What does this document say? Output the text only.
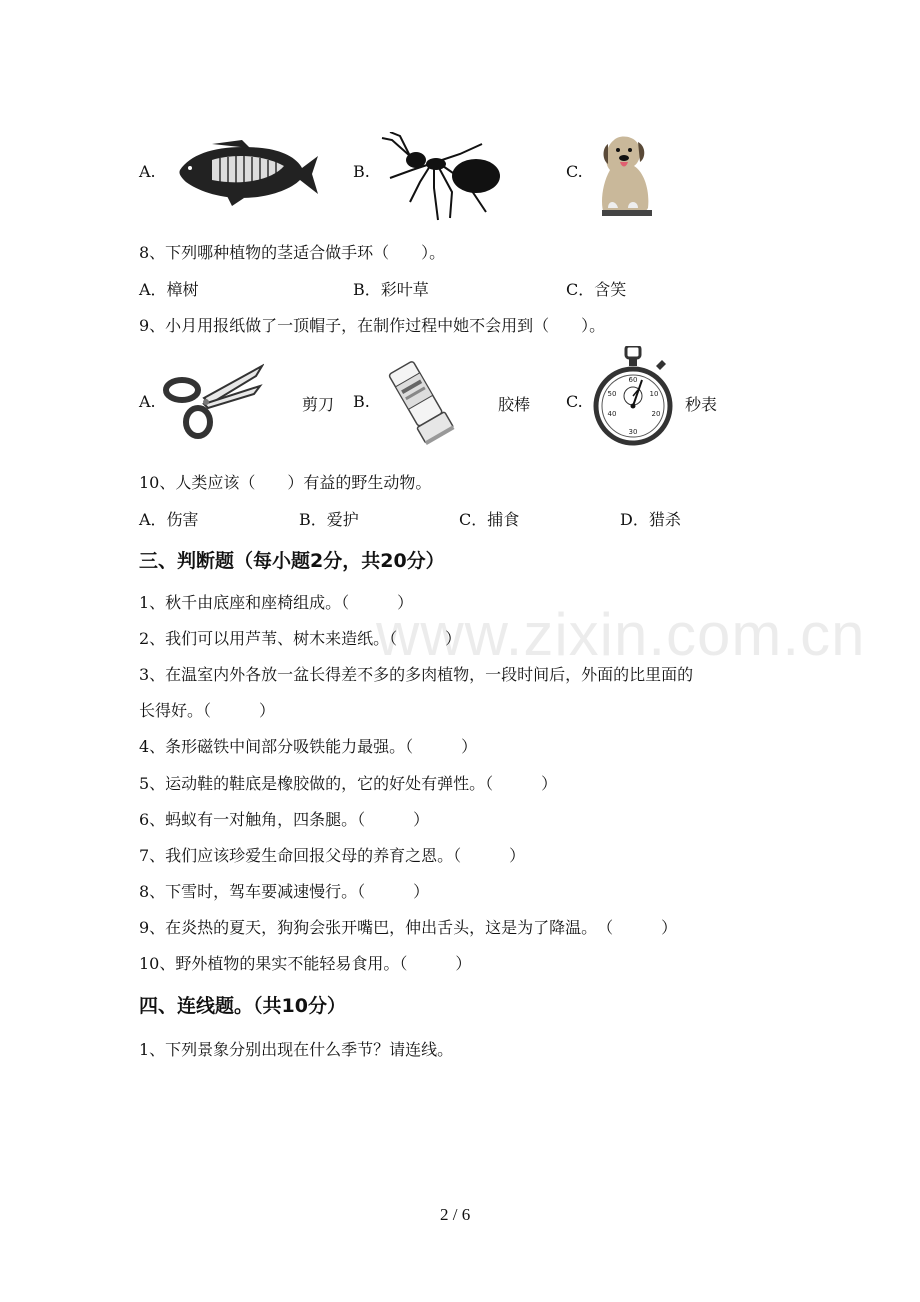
www.zixin.com.cn
A.	B.	C.
8、下列哪种植物的茎适合做手环（　　）。
A．樟树	B．彩叶草	C．含笑
9、小月用报纸做了一顶帽子，在制作过程中她不会用到（　　）。
A.	剪刀 B.	胶棒 C.
60
10
20
30
40
50
秒表
10、人类应该（　　）有益的野生动物。
A．伤害	B．爱护	C．捕食	D．猎杀
三、判断题（每小题2分，共20分）
1、秋千由底座和座椅组成。（　　　）
2、我们可以用芦苇、树木来造纸。（　　　）
3、在温室内外各放一盆长得差不多的多肉植物，一段时间后，外面的比里面的
长得好。（　　　）
4、条形磁铁中间部分吸铁能力最强。（　　　）
5、运动鞋的鞋底是橡胶做的，它的好处有弹性。（　　　）
6、蚂蚁有一对触角，四条腿。（　　　）
7、我们应该珍爱生命回报父母的养育之恩。（　　　）
8、下雪时，驾车要减速慢行。（　　　）
9、在炎热的夏天，狗狗会张开嘴巴，伸出舌头，这是为了降温。　（　　　）
10、野外植物的果实不能轻易食用。（　　　）
四、连线题。（共10分）
1、下列景象分别出现在什么季节？请连线。
2 / 6
